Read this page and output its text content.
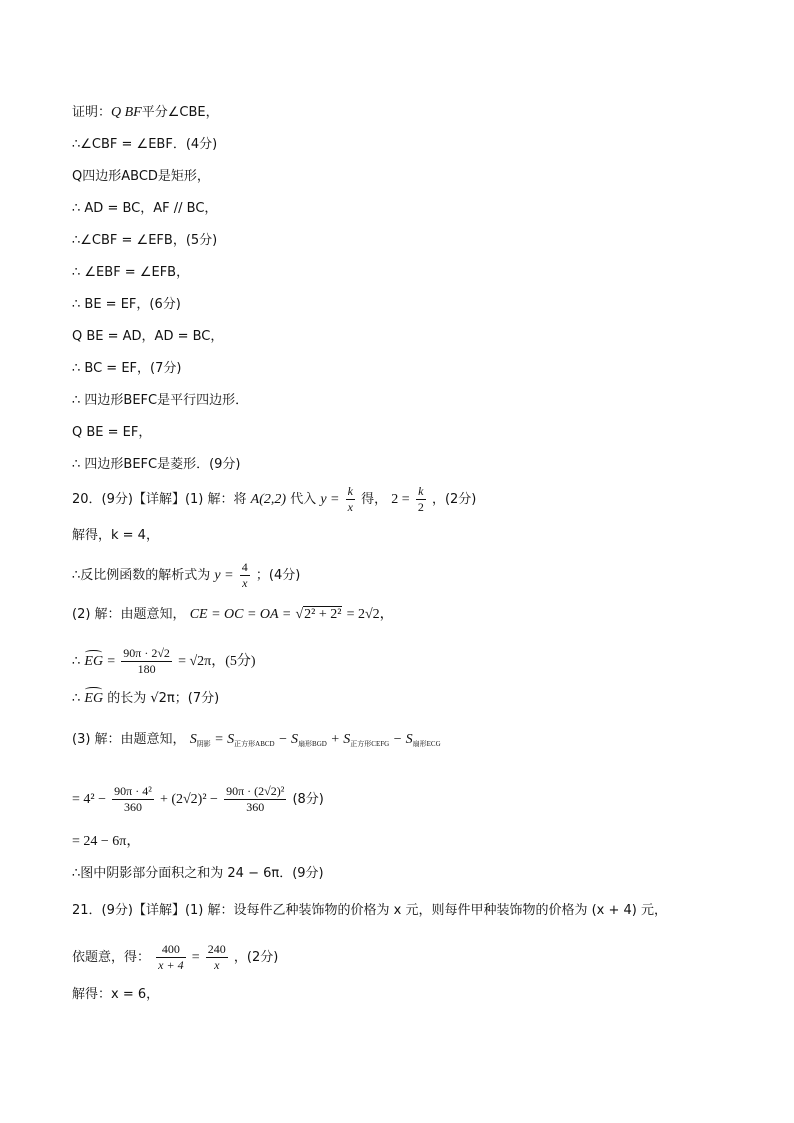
证明：Q BF平分∠CBE，
∴∠CBF = ∠EBF．(4分)
Q四边形ABCD是矩形，
∴ AD = BC，AF // BC，
∴∠CBF = ∠EFB，(5分)
∴ ∠EBF = ∠EFB，
∴ BE = EF，(6分)
Q BE = AD，AD = BC，
∴ BC = EF，(7分)
∴ 四边形BEFC是平行四边形．
Q BE = EF，
∴ 四边形BEFC是菱形．(9分)
20．(9分)【详解】(1) 解：将 A(2,2) 代入 $y = \frac{k}{x}$ 得， $2 = \frac{k}{2}$ ，(2分)
解得，k = 4，
∴反比例函数的解析式为 $y = \frac{4}{x}$ ；(4分)
(2) 解：由题意知， CE = OC = OA = √2² + 2² = 2√2，
∴ EG = $\frac{90\pi \cdot 2√2}{180} = √2\pi$，(5分)
∴ EG 的长为 √2π；(7分)
(3) 解：由题意知， $S_{阴影} = S_{正方形ABCD} - S_{扇形BGD} + S_{正方形CEFG} - S_{扇形ECG}$
= $4^2 - \frac{\text{90π · 4²}}{360} + (2√2)^2 - \frac{\text{90π · (2√2)²}}{360} (8$分)
= 24 − 6π，
∴图中阴影部分面积之和为 24 − 6π．(9分)
21．(9分)【详解】(1) 解：设每件乙种装饰物的价格为 x 元，则每件甲种装饰物的价格为 (x + 4) 元，
依题意，得： $\frac{400}{x + 4} = \frac{240}{x}$ ，(2分)
解得：x = 6，
